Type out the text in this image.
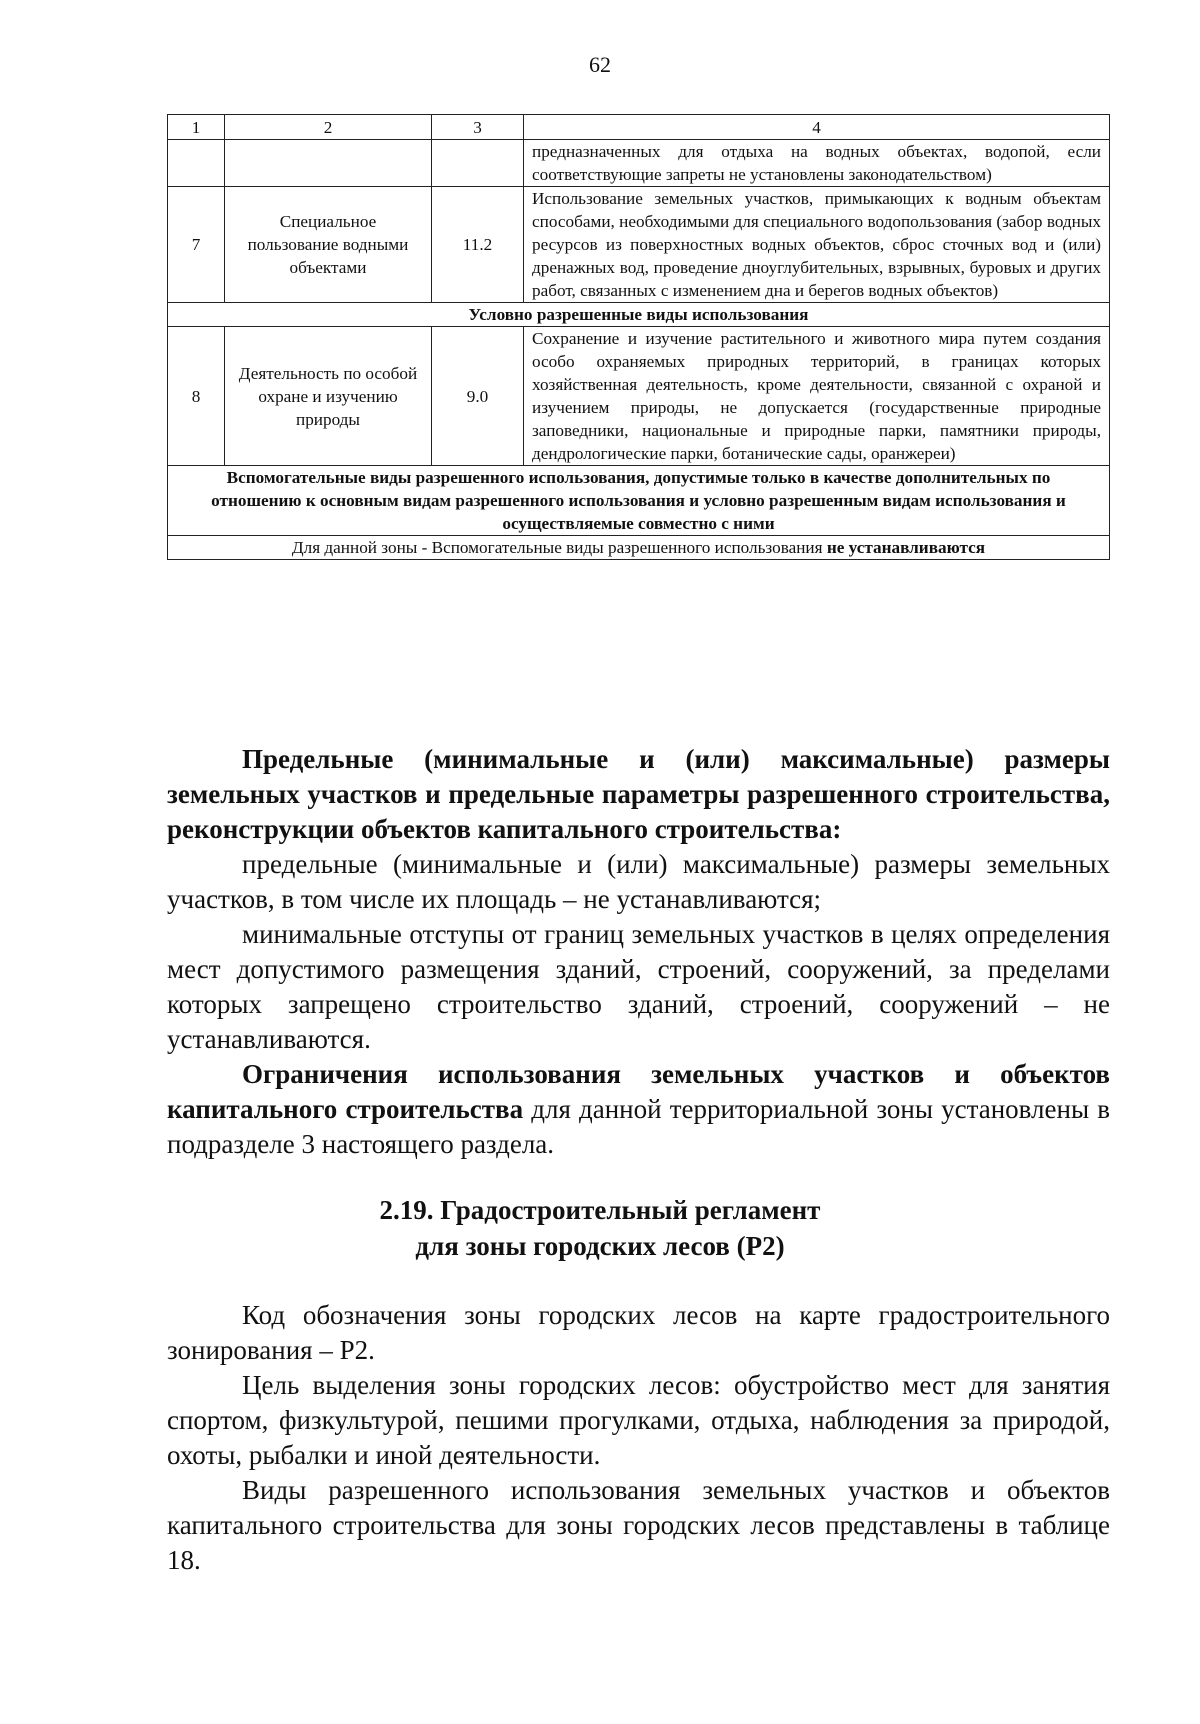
62
1	2	3	4
			предназначенных для отдыха на водных объектах, водопой, если соответствующие запреты не установлены законодательством)
7	Специальное пользование водными объектами	11.2	Использование земельных участков, примыкающих к водным объектам способами, необходимыми для специального водопользования (забор водных ресурсов из поверхностных водных объектов, сброс сточных вод и (или) дренажных вод, проведение дноуглубительных, взрывных, буровых и других работ, связанных с изменением дна и берегов водных объектов)
Условно разрешенные виды использования			
8	Деятельность по особой охране и изучению природы	9.0	Сохранение и изучение растительного и животного мира путем создания особо охраняемых природных территорий, в границах которых хозяйственная деятельность, кроме деятельности, связанной с охраной и изучением природы, не допускается (государственные природные заповедники, национальные и природные парки, памятники природы, дендрологические парки, ботанические сады, оранжереи)
Вспомогательные виды разрешенного использования, допустимые только в качестве дополнительных по отношению к основным видам разрешенного использования и условно разрешенным видам использования и осуществляемые совместно с ними			
Для данной зоны - Вспомогательные виды разрешенного использования не устанавливаются			

Предельные (минимальные и (или) максимальные) размеры земельных участков и предельные параметры разрешенного строительства, реконструкции объектов капитального строительства:

предельные (минимальные и (или) максимальные) размеры земельных участков, в том числе их площадь – не устанавливаются;

минимальные отступы от границ земельных участков в целях определения мест допустимого размещения зданий, строений, сооружений, за пределами которых запрещено строительство зданий, строений, сооружений – не устанавливаются.

Ограничения использования земельных участков и объектов капитального строительства для данной территориальной зоны установлены в подразделе 3 настоящего раздела.

2.19. Градостроительный регламент

для зоны городских лесов (Р2)

Код обозначения зоны городских лесов на карте градостроительного зонирования – Р2.

Цель выделения зоны городских лесов: обустройство мест для занятия спортом, физкультурой, пешими прогулками, отдыха, наблюдения за природой, охоты, рыбалки и иной деятельности.

Виды разрешенного использования земельных участков и объектов капитального строительства для зоны городских лесов представлены в таблице 18.
